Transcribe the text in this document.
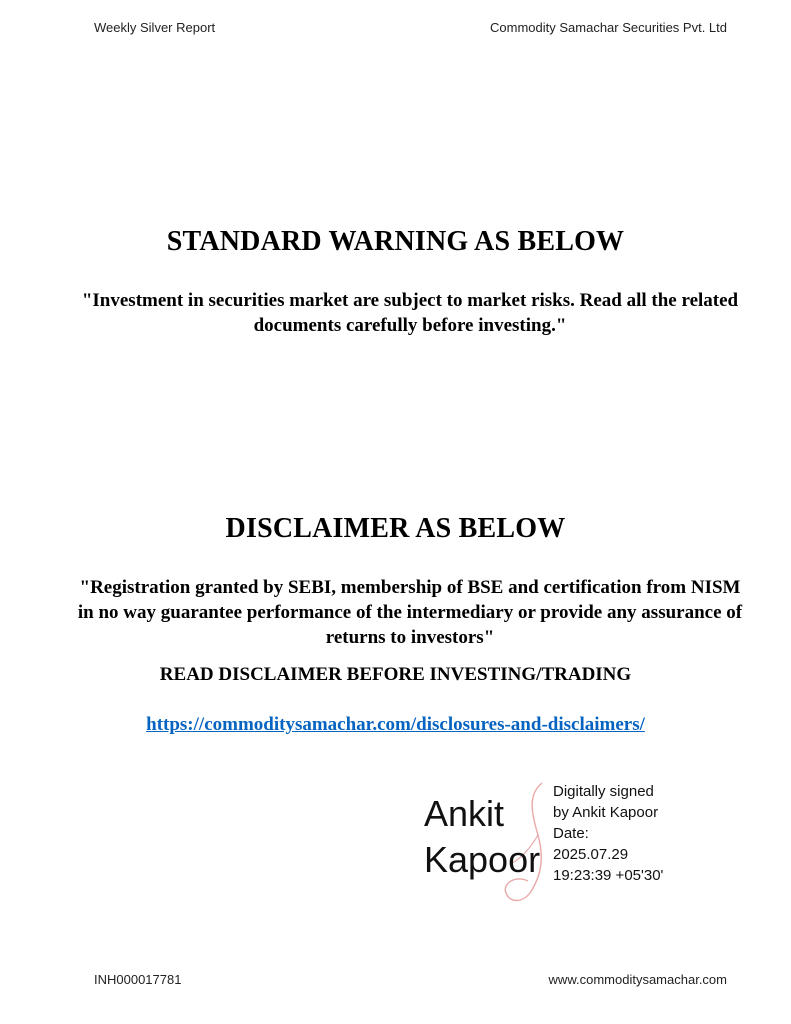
Weekly Silver Report	Commodity Samachar Securities Pvt. Ltd
STANDARD WARNING AS BELOW
"Investment in securities market are subject to market risks. Read all the related documents carefully before investing."
DISCLAIMER AS BELOW
"Registration granted by SEBI, membership of BSE and certification from NISM in no way guarantee performance of the intermediary or provide any assurance of returns to investors"
READ DISCLAIMER BEFORE INVESTING/TRADING
https://commoditysamachar.com/disclosures-and-disclaimers/
Ankit
Kapoor
Digitally signed
by Ankit Kapoor
Date:
2025.07.29
19:23:39 +05'30'
INH000017781	www.commoditysamachar.com
